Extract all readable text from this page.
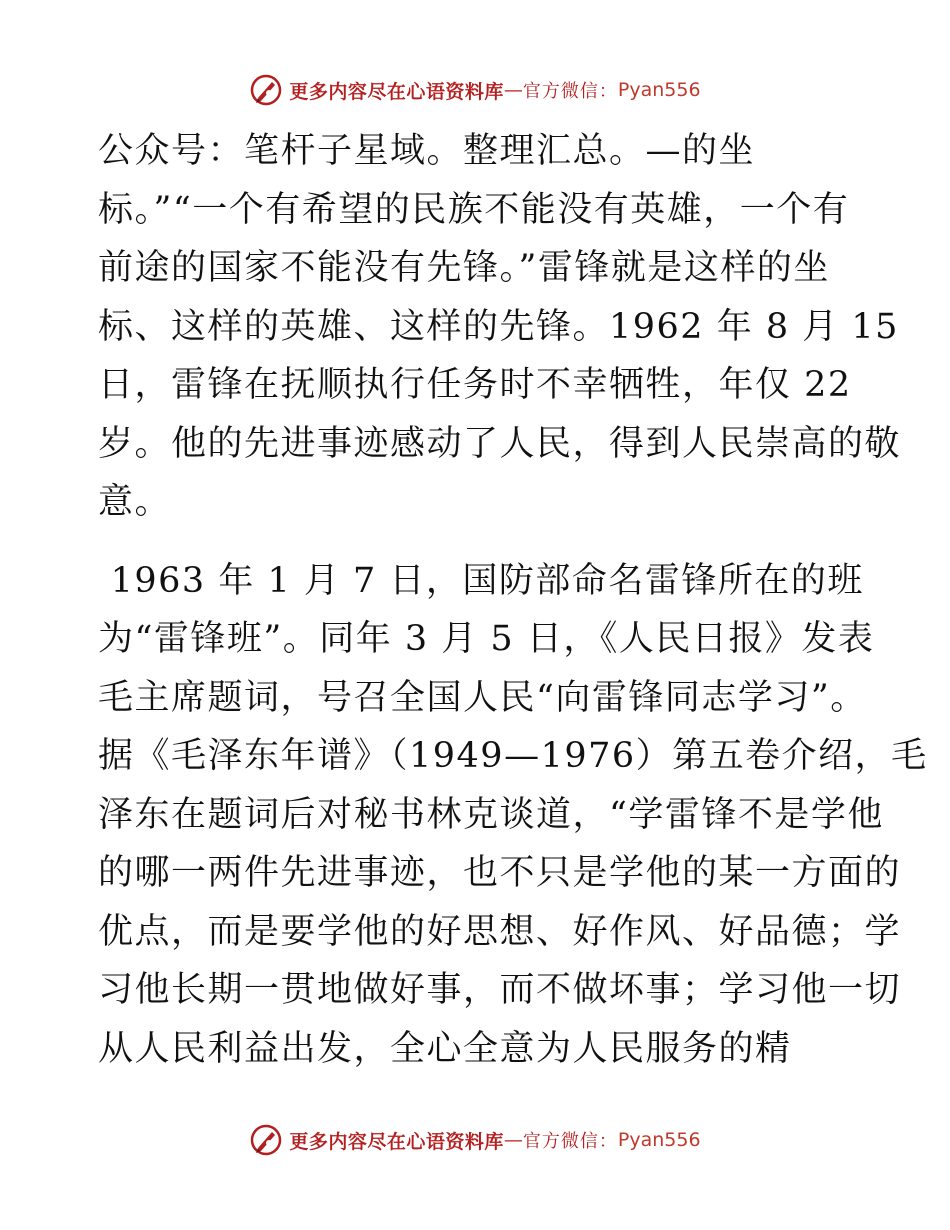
更多内容尽在心语资料库 — 官方微信： Pyan556
公众号：笔杆子星域。整理汇总。—的坐
标。”“一个有希望的民族不能没有英雄，一个有
前途的国家不能没有先锋。”雷锋就是这样的坐
标、这样的英雄、这样的先锋。1962 年 8 月 15
日，雷锋在抚顺执行任务时不幸牺牲，年仅 22
岁。他的先进事迹感动了人民，得到人民崇高的敬
意。
1963 年 1 月 7 日，国防部命名雷锋所在的班
为“雷锋班”。同年 3 月 5 日，《人民日报》发表
毛主席题词，号召全国人民“向雷锋同志学习”。
据《毛泽东年谱》（1949—1976）第五卷介绍，毛
泽东在题词后对秘书林克谈道，“学雷锋不是学他
的哪一两件先进事迹，也不只是学他的某一方面的
优点，而是要学他的好思想、好作风、好品德；学
习他长期一贯地做好事，而不做坏事；学习他一切
从人民利益出发，全心全意为人民服务的精
更多内容尽在心语资料库 — 官方微信： Pyan556
